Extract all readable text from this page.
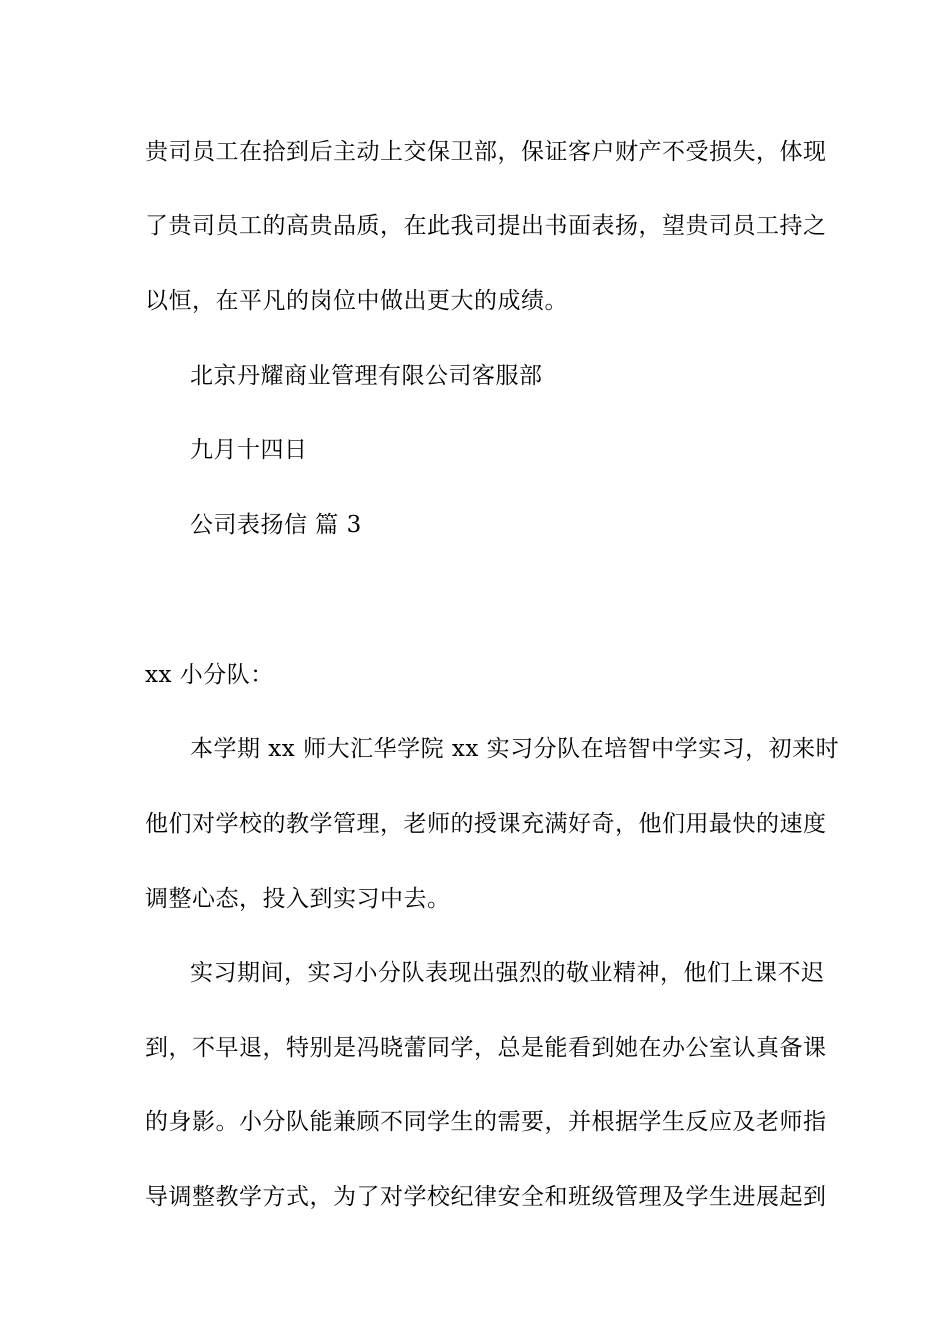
贵司员工在拾到后主动上交保卫部，保证客户财产不受损失，体现
了贵司员工的高贵品质，在此我司提出书面表扬，望贵司员工持之
以恒，在平凡的岗位中做出更大的成绩。
北京丹耀商业管理有限公司客服部
九月十四日
公司表扬信 篇 3
xx 小分队：
本学期 xx 师大汇华学院 xx 实习分队在培智中学实习，初来时
他们对学校的教学管理，老师的授课充满好奇，他们用最快的速度
调整心态，投入到实习中去。
实习期间，实习小分队表现出强烈的敬业精神，他们上课不迟
到，不早退，特别是冯晓蕾同学，总是能看到她在办公室认真备课
的身影。小分队能兼顾不同学生的需要，并根据学生反应及老师指
导调整教学方式，为了对学校纪律安全和班级管理及学生进展起到
